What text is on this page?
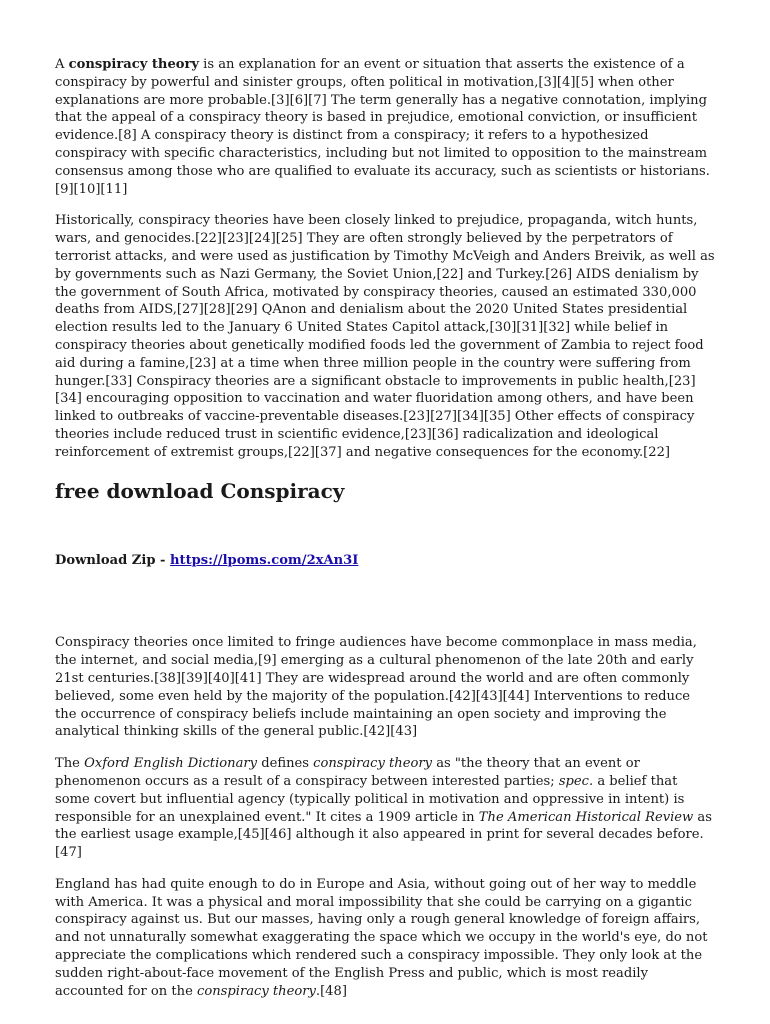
A conspiracy theory is an explanation for an event or situation that asserts the existence of a conspiracy by powerful and sinister groups, often political in motivation,[3][4][5] when other explanations are more probable.[3][6][7] The term generally has a negative connotation, implying that the appeal of a conspiracy theory is based in prejudice, emotional conviction, or insufficient evidence.[8] A conspiracy theory is distinct from a conspiracy; it refers to a hypothesized conspiracy with specific characteristics, including but not limited to opposition to the mainstream consensus among those who are qualified to evaluate its accuracy, such as scientists or historians.[9][10][11]

Historically, conspiracy theories have been closely linked to prejudice, propaganda, witch hunts, wars, and genocides.[22][23][24][25] They are often strongly believed by the perpetrators of terrorist attacks, and were used as justification by Timothy McVeigh and Anders Breivik, as well as by governments such as Nazi Germany, the Soviet Union,[22] and Turkey.[26] AIDS denialism by the government of South Africa, motivated by conspiracy theories, caused an estimated 330,000 deaths from AIDS,[27][28][29] QAnon and denialism about the 2020 United States presidential election results led to the January 6 United States Capitol attack,[30][31][32] while belief in conspiracy theories about genetically modified foods led the government of Zambia to reject food aid during a famine,[23] at a time when three million people in the country were suffering from hunger.[33] Conspiracy theories are a significant obstacle to improvements in public health,[23][34] encouraging opposition to vaccination and water fluoridation among others, and have been linked to outbreaks of vaccine-preventable diseases.[23][27][34][35] Other effects of conspiracy theories include reduced trust in scientific evidence,[23][36] radicalization and ideological reinforcement of extremist groups,[22][37] and negative consequences for the economy.[22]

free download Conspiracy

Download Zip - https://lpoms.com/2xAn3I

Conspiracy theories once limited to fringe audiences have become commonplace in mass media, the internet, and social media,[9] emerging as a cultural phenomenon of the late 20th and early 21st centuries.[38][39][40][41] They are widespread around the world and are often commonly believed, some even held by the majority of the population.[42][43][44] Interventions to reduce the occurrence of conspiracy beliefs include maintaining an open society and improving the analytical thinking skills of the general public.[42][43]

The Oxford English Dictionary defines conspiracy theory as "the theory that an event or phenomenon occurs as a result of a conspiracy between interested parties; spec. a belief that some covert but influential agency (typically political in motivation and oppressive in intent) is responsible for an unexplained event." It cites a 1909 article in The American Historical Review as the earliest usage example,[45][46] although it also appeared in print for several decades before.[47]

England has had quite enough to do in Europe and Asia, without going out of her way to meddle with America. It was a physical and moral impossibility that she could be carrying on a gigantic conspiracy against us. But our masses, having only a rough general knowledge of foreign affairs, and not unnaturally somewhat exaggerating the space which we occupy in the world's eye, do not appreciate the complications which rendered such a conspiracy impossible. They only look at the sudden right-about-face movement of the English Press and public, which is most readily accounted for on the conspiracy theory.[48]
